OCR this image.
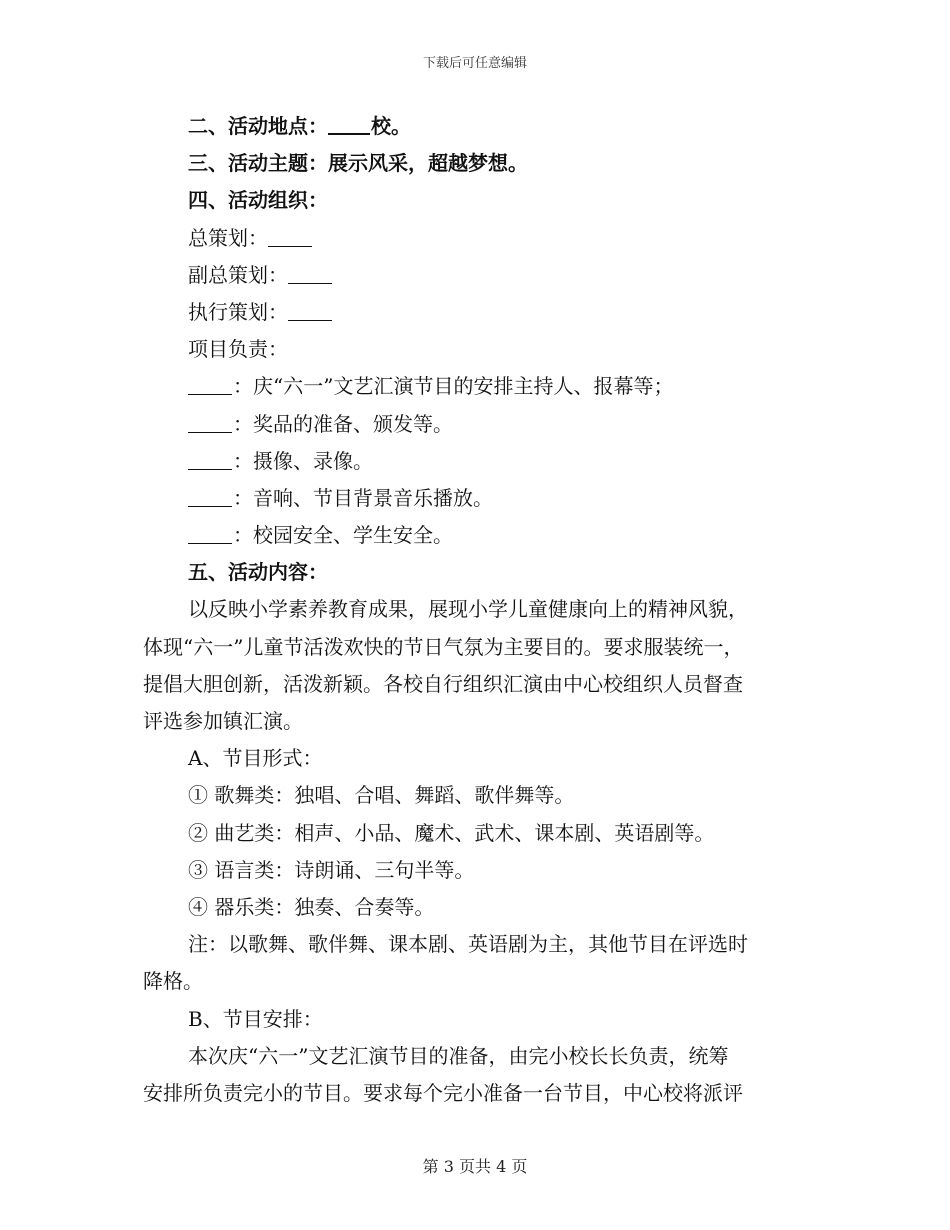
下载后可任意编辑
二、活动地点： 校。
三、活动主题：展示风采，超越梦想。
四、活动组织：
总策划：
副总策划：
执行策划：
项目负责：
：庆“六一”文艺汇演节目的安排主持人、报幕等；
：奖品的准备、颁发等。
：摄像、录像。
：音响、节目背景音乐播放。
：校园安全、学生安全。
五、活动内容：
以反映小学素养教育成果，展现小学儿童健康向上的精神风貌，
体现“六一”儿童节活泼欢快的节日气氛为主要目的。要求服装统一，
提倡大胆创新，活泼新颖。各校自行组织汇演由中心校组织人员督查
评选参加镇汇演。
A、节目形式：
① 歌舞类：独唱、合唱、舞蹈、歌伴舞等。
② 曲艺类：相声、小品、魔术、武术、课本剧、英语剧等。
③ 语言类：诗朗诵、三句半等。
④ 器乐类：独奏、合奏等。
注：以歌舞、歌伴舞、课本剧、英语剧为主，其他节目在评选时
降格。
B、节目安排：
本次庆“六一”文艺汇演节目的准备，由完小校长长负责，统筹
安排所负责完小的节目。要求每个完小准备一台节目，中心校将派评
第 3 页共 4 页
